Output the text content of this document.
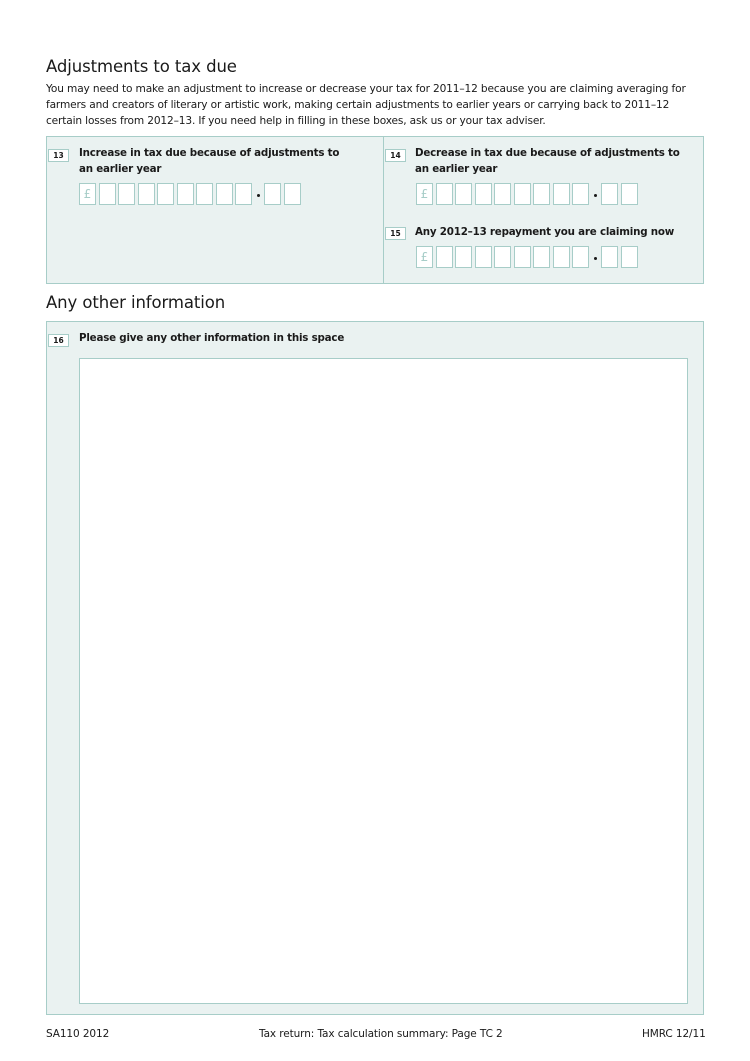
Adjustments to tax due

You may need to make an adjustment to increase or decrease your tax for 2011–12 because you are claiming averaging for farmers and creators of literary or artistic work, making certain adjustments to earlier years or carrying back to 2011–12 certain losses from 2012–13. If you need help in filling in these boxes, ask us or your tax adviser.

13	Increase in tax due because of adjustments to
an earlier year
£
14	Decrease in tax due because of adjustments to
an earlier year
£
15	Any 2012–13 repayment you are claiming now
£
Any other information
16	Please give any other information in this space
SA110 2012	Tax return: Tax calculation summary: Page TC 2	HMRC 12/11
